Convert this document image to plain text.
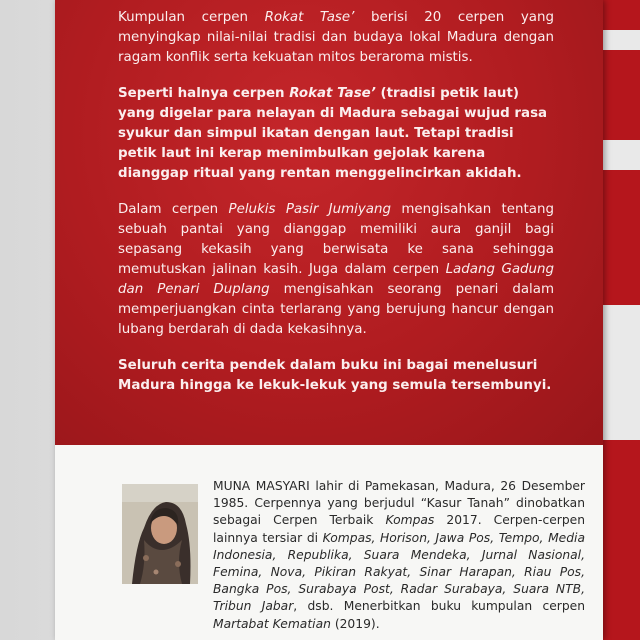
Kumpulan cerpen Rokat Tase’ berisi 20 cerpen yang menyingkap nilai-nilai tradisi dan budaya lokal Madura dengan ragam konflik serta kekuatan mitos beraroma mistis.

Seperti halnya cerpen Rokat Tase’ (tradisi petik laut) yang digelar para nelayan di Madura sebagai wujud rasa syukur dan simpul ikatan dengan laut. Tetapi tradisi petik laut ini kerap menimbulkan gejolak karena dianggap ritual yang rentan menggelincirkan akidah.

Dalam cerpen Pelukis Pasir Jumiyang mengisahkan tentang sebuah pantai yang dianggap memiliki aura ganjil bagi sepasang kekasih yang berwisata ke sana sehingga memutuskan jalinan kasih. Juga dalam cerpen Ladang Gadung dan Penari Duplang mengisahkan seorang penari dalam memperjuangkan cinta terlarang yang berujung hancur dengan lubang berdarah di dada kekasihnya.

Seluruh cerita pendek dalam buku ini bagai menelusuri Madura hingga ke lekuk-lekuk yang semula tersembunyi.

MUNA MASYARI lahir di Pamekasan, Madura, 26 Desember 1985. Cerpennya yang berjudul “Kasur Tanah” dinobatkan sebagai Cerpen Terbaik Kompas 2017. Cerpen-cerpen lainnya tersiar di Kompas, Horison, Jawa Pos, Tempo, Media Indonesia, Republika, Suara Mendeka, Jurnal Nasional, Femina, Nova, Pikiran Rakyat, Sinar Harapan, Riau Pos, Bangka Pos, Surabaya Post, Radar Surabaya, Suara NTB, Tribun Jabar, dsb. Menerbitkan buku kumpulan cerpen Martabat Kematian (2019).
